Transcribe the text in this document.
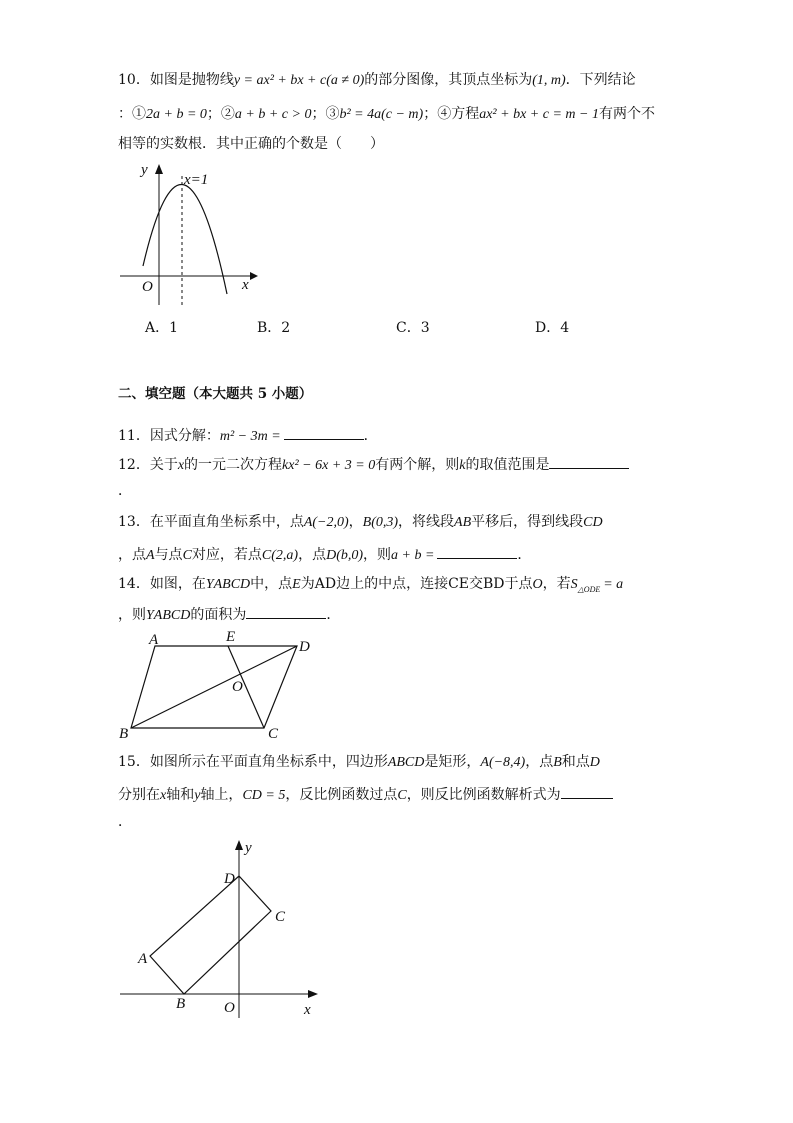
10．如图是抛物线y = ax² + bx + c(a ≠ 0)的部分图像，其顶点坐标为(1, m)．下列结论
：①2a + b = 0；②a + b + c > 0；③b² = 4a(c − m)；④方程ax² + bx + c = m − 1有两个不
相等的实数根．其中正确的个数是（　　）
y
x=1
O	x
A．1	B．2	C．3	D．4
二、填空题（本大题共 5 小题）
11．因式分解：m² − 3m =	．
12．关于x的一元二次方程kx² − 6x + 3 = 0有两个解，则k的取值范围是
．
13．在平面直角坐标系中，点A(−2,0)，B(0,3)，将线段AB平移后，得到线段CD
，点A与点C对应，若点C(2,a)，点D(b,0)，则a + b =	．
14．如图，在ΥABCD中，点E为AD边上的中点，连接CE交BD于点O，若$S_{\triangle ODE} = a$
，则ΥABCD的面积为	．
A	E
D
O
B	C
15．如图所示在平面直角坐标系中，四边形ABCD是矩形，A(−8,4)，点B和点D
分别在x轴和y轴上，CD = 5，反比例函数过点C，则反比例函数解析式为
．
y
x
O
A
B
C
D
